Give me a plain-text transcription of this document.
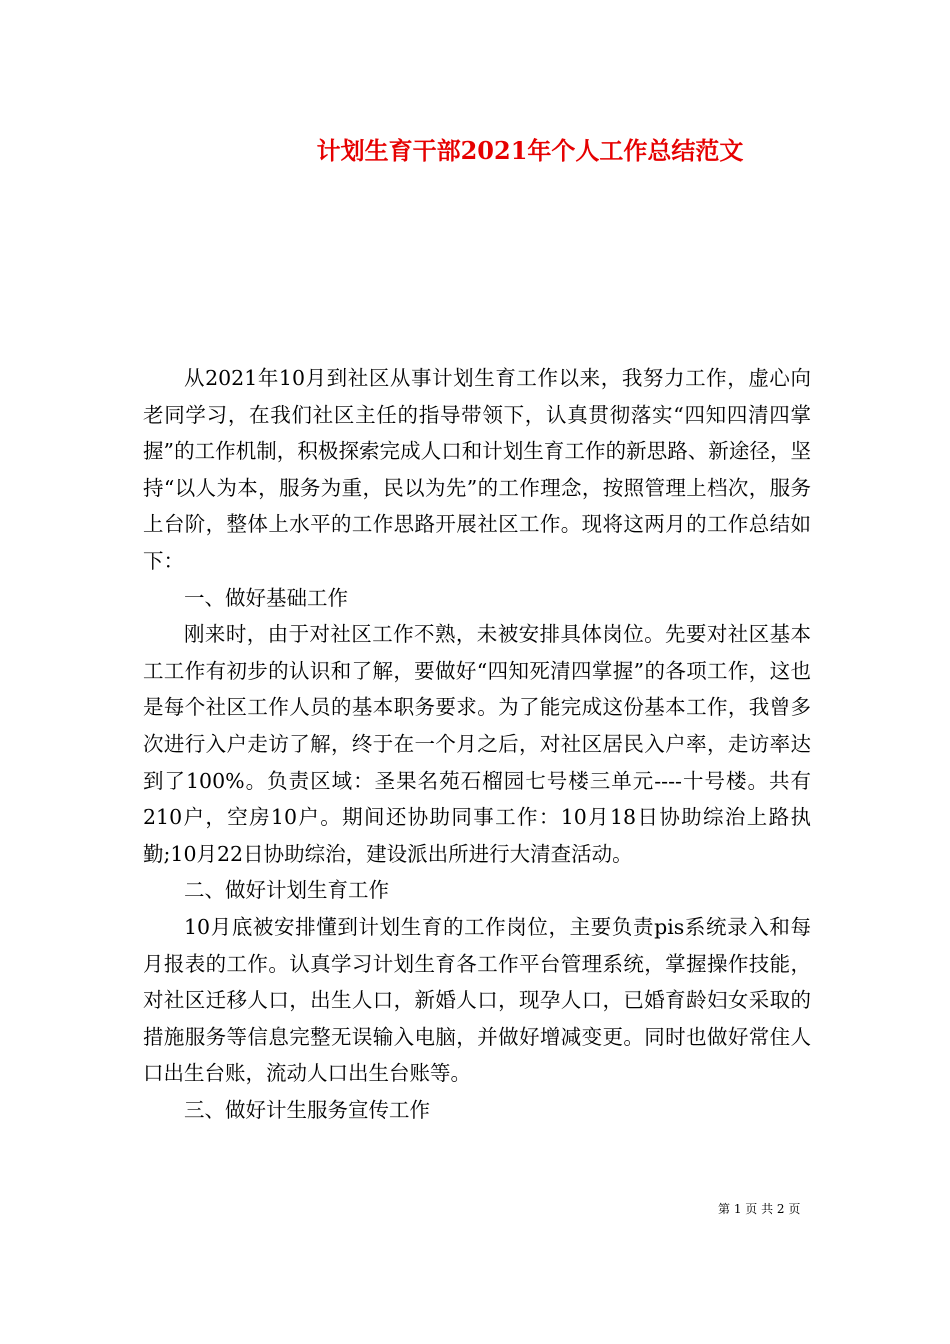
计划生育干部2021年个人工作总结范文

从2021年10月到社区从事计划生育工作以来，我努力工作，虚心向老同学习，在我们社区主任的指导带领下，认真贯彻落实“四知四清四掌握”的工作机制，积极探索完成人口和计划生育工作的新思路、新途径，坚持“以人为本，服务为重，民以为先”的工作理念，按照管理上档次，服务上台阶，整体上水平的工作思路开展社区工作。现将这两月的工作总结如下：

一、做好基础工作

刚来时，由于对社区工作不熟，未被安排具体岗位。先要对社区基本工工作有初步的认识和了解，要做好“四知死清四掌握”的各项工作，这也是每个社区工作人员的基本职务要求。为了能完成这份基本工作，我曾多次进行入户走访了解，终于在一个月之后，对社区居民入户率，走访率达到了100%。负责区域：圣果名苑石榴园七号楼三单元----十号楼。共有210户，空房10户。期间还协助同事工作：10月18日协助综治上路执勤;10月22日协助综治，建设派出所进行大清查活动。

二、做好计划生育工作

10月底被安排懂到计划生育的工作岗位，主要负责pis系统录入和每月报表的工作。认真学习计划生育各工作平台管理系统，掌握操作技能，对社区迁移人口，出生人口，新婚人口，现孕人口，已婚育龄妇女采取的措施服务等信息完整无误输入电脑，并做好增减变更。同时也做好常住人口出生台账，流动人口出生台账等。

三、做好计生服务宣传工作

第 1 页 共 2 页
